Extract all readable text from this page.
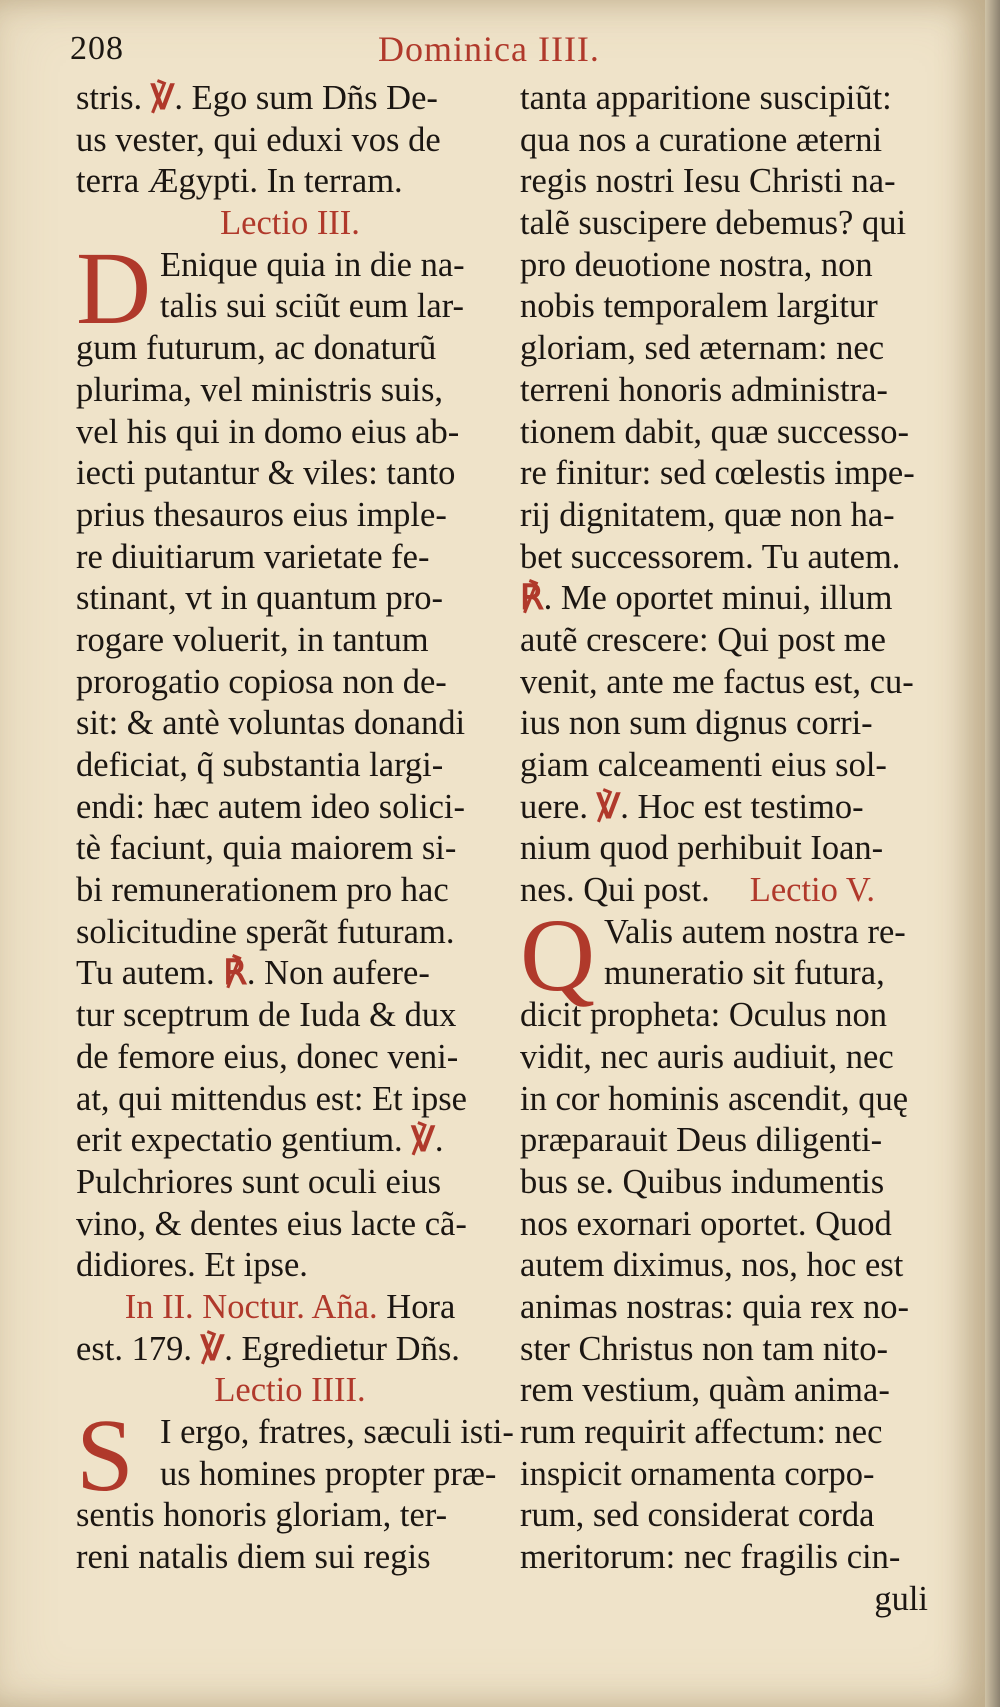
208	Dominica IIII.
stris. ℣. Ego sum Dñs De-
us vester, qui eduxi vos de
terra Ægypti. In terram.
Lectio III.
D Enique quia in die na-
talis sui sciũt eum lar-
gum futurum, ac donaturũ
plurima, vel ministris suis,
vel his qui in domo eius ab-
iecti putantur & viles: tanto
prius thesauros eius imple-
re diuitiarum varietate fe-
stinant, vt in quantum pro-
rogare voluerit, in tantum
prorogatio copiosa non de-
sit: & antè voluntas donandi
deficiat, q̃ substantia largi-
endi: hæc autem ideo solici-
tè faciunt, quia maiorem si-
bi remunerationem pro hac
solicitudine sperãt futuram.
Tu autem. ℟. Non aufere-
tur sceptrum de Iuda & dux
de femore eius, donec veni-
at, qui mittendus est: Et ipse
erit expectatio gentium. ℣.
Pulchriores sunt oculi eius
vino, & dentes eius lacte cã-
didiores. Et ipse.
In II. Noctur. Aña. Hora
est. 179. ℣. Egredietur Dñs.
Lectio IIII.
S I ergo, fratres, sæculi isti-
us homines propter præ-
sentis honoris gloriam, ter-
reni natalis diem sui regis
tanta apparitione suscipiũt:
qua nos a curatione æterni
regis nostri Iesu Christi na-
talẽ suscipere debemus? qui
pro deuotione nostra, non
nobis temporalem largitur
gloriam, sed æternam: nec
terreni honoris administra-
tionem dabit, quæ successo-
re finitur: sed cœlestis impe-
rij dignitatem, quæ non ha-
bet successorem. Tu autem.
℟. Me oportet minui, illum
autẽ crescere: Qui post me
venit, ante me factus est, cu-
ius non sum dignus corri-
giam calceamenti eius sol-
uere. ℣. Hoc est testimo-
nium quod perhibuit Ioan-
nes. Qui post. Lectio V.
Q Valis autem nostra re-
muneratio sit futura,
dicit propheta: Oculus non
vidit, nec auris audiuit, nec
in cor hominis ascendit, quę
præparauit Deus diligenti-
bus se. Quibus indumentis
nos exornari oportet. Quod
autem diximus, nos, hoc est
animas nostras: quia rex no-
ster Christus non tam nito-
rem vestium, quàm anima-
rum requirit affectum: nec
inspicit ornamenta corpo-
rum, sed considerat corda
meritorum: nec fragilis cin-
guli
